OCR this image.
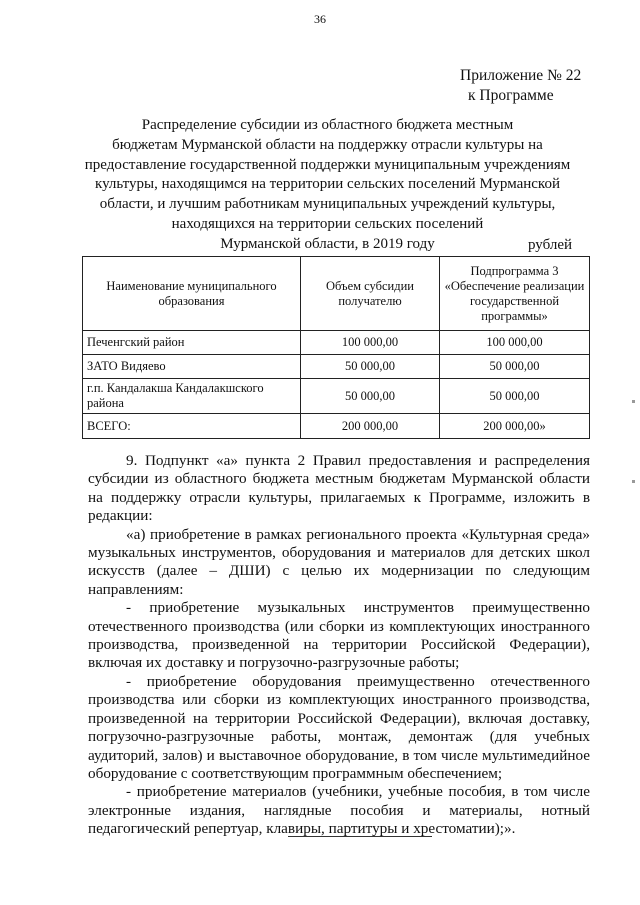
36
Приложение № 22
к Программе
Распределение субсидии из областного бюджета местным
бюджетам Мурманской области на поддержку отрасли культуры на
предоставление государственной поддержки муниципальным учреждениям
культуры, находящимся на территории сельских поселений Мурманской
области, и лучшим работникам муниципальных учреждений культуры,
находящихся на территории сельских поселений
Мурманской области, в 2019 году	рублей
Наименование муниципального образования	Объем субсидии получателю	Подпрограмма 3 «Обеспечение реализации государственной программы»
Печенгский район	100 000,00	100 000,00
ЗАТО Видяево	50 000,00	50 000,00
г.п. Кандалакша Кандалакшского района	50 000,00	50 000,00
ВСЕГО:	200 000,00	200 000,00»

9. Подпункт «а» пункта 2 Правил предоставления и распределения субсидии из областного бюджета местным бюджетам Мурманской области на поддержку отрасли культуры, прилагаемых к Программе, изложить в редакции:

«а) приобретение в рамках регионального проекта «Культурная среда» музыкальных инструментов, оборудования и материалов для детских школ искусств (далее – ДШИ) с целью их модернизации по следующим направлениям:

- приобретение музыкальных инструментов преимущественно отечественного производства (или сборки из комплектующих иностранного производства, произведенной на территории Российской Федерации), включая их доставку и погрузочно-разгрузочные работы;

- приобретение оборудования преимущественно отечественного производства или сборки из комплектующих иностранного производства, произведенной на территории Российской Федерации), включая доставку, погрузочно-разгрузочные работы, монтаж, демонтаж (для учебных аудиторий, залов) и выставочное оборудование, в том числе мультимедийное оборудование с соответствующим программным обеспечением;

- приобретение материалов (учебники, учебные пособия, в том числе электронные издания, наглядные пособия и материалы, нотный педагогический репертуар, клавиры, партитуры и хрестоматии);».
